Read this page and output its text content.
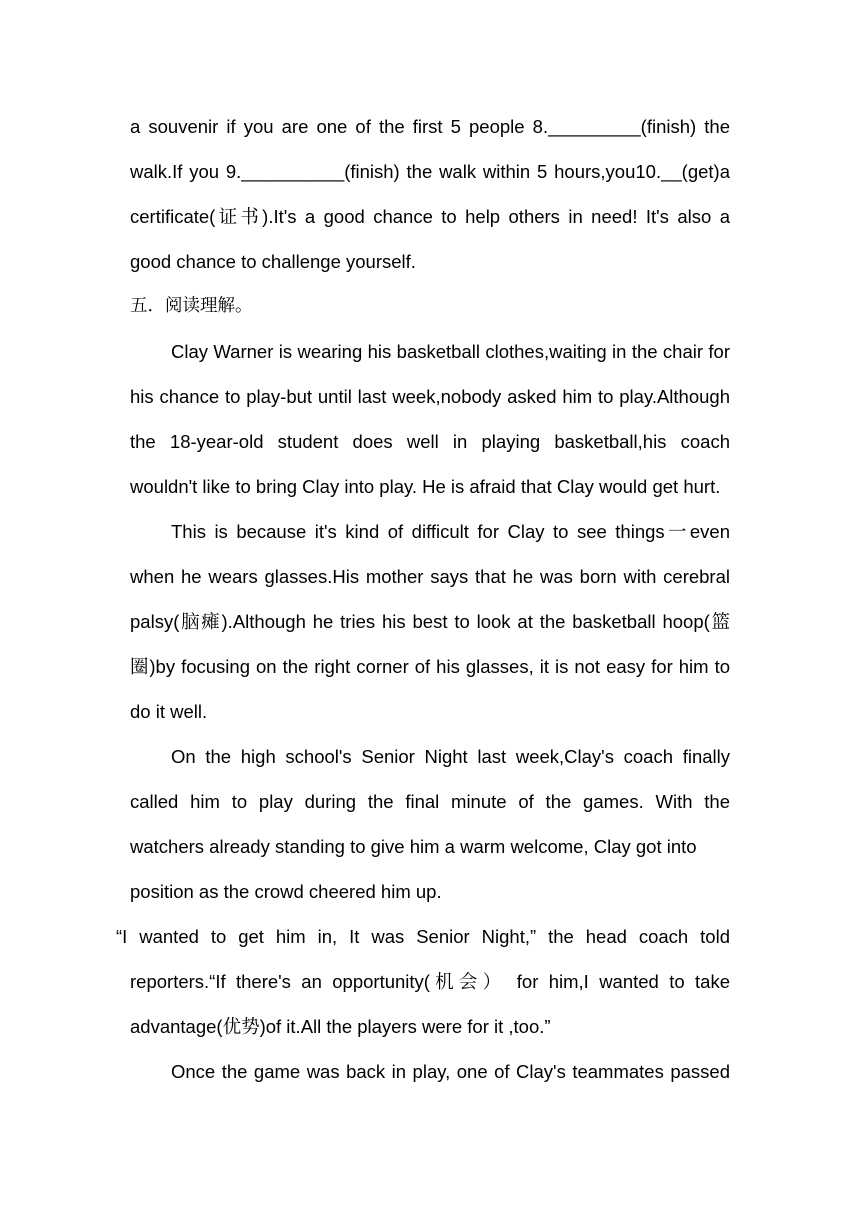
a souvenir if you are one of the first 5 people 8._________(finish) the
walk.If you 9.__________(finish) the walk within 5 hours,you10.__(get)a
certificate(证书).It's a good chance to help others in need! It's also a
good chance to challenge yourself.
五．阅读理解。
Clay Warner is wearing his basketball clothes,waiting in the chair for
his chance to play-but until last week,nobody asked him to play.Although
the 18-year-old student does well in playing basketball,his coach
wouldn't like to bring Clay into play. He is afraid that Clay would get hurt.
This is because it's kind of difficult for Clay to see things一even
when he wears glasses.His mother says that he was born with cerebral
palsy(脑瘫).Although he tries his best to look at the basketball hoop(篮
圈)by focusing on the right corner of his glasses, it is not easy for him to
do it well.
On the high school's Senior Night last week,Clay's coach finally
called him to play during the final minute of the games. With the
watchers already standing to give him a warm welcome, Clay got into
position as the crowd cheered him up.
“I wanted to get him in, It was Senior Night,” the head coach told
reporters.“If there's an opportunity(机会） for him,I wanted to take
advantage(优势)of it.All the players were for it ,too.”
Once the game was back in play, one of Clay's teammates passed
